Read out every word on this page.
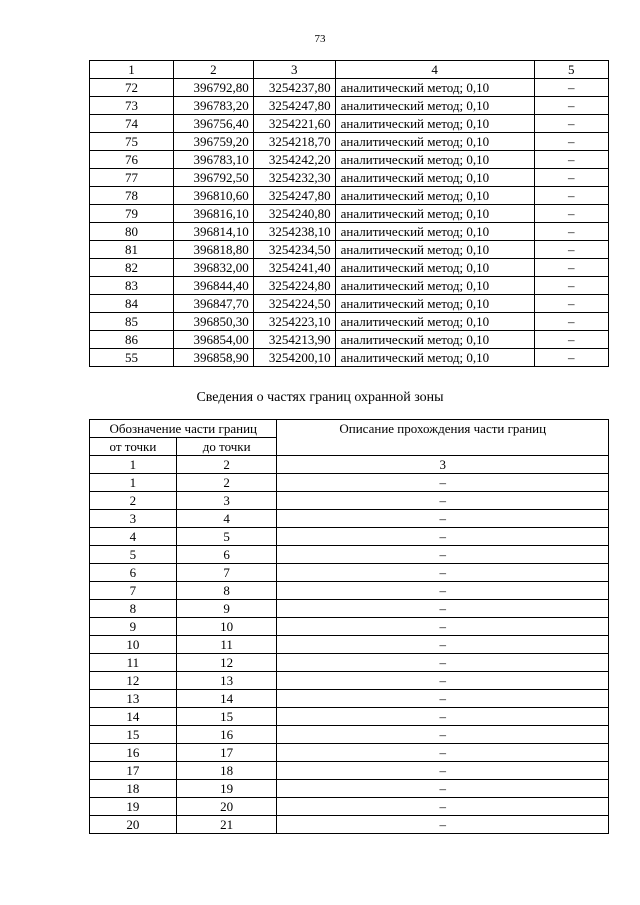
73
1	2	3	4	5
72	396792,80	3254237,80	аналитический метод; 0,10	–
73	396783,20	3254247,80	аналитический метод; 0,10	–
74	396756,40	3254221,60	аналитический метод; 0,10	–
75	396759,20	3254218,70	аналитический метод; 0,10	–
76	396783,10	3254242,20	аналитический метод; 0,10	–
77	396792,50	3254232,30	аналитический метод; 0,10	–
78	396810,60	3254247,80	аналитический метод; 0,10	–
79	396816,10	3254240,80	аналитический метод; 0,10	–
80	396814,10	3254238,10	аналитический метод; 0,10	–
81	396818,80	3254234,50	аналитический метод; 0,10	–
82	396832,00	3254241,40	аналитический метод; 0,10	–
83	396844,40	3254224,80	аналитический метод; 0,10	–
84	396847,70	3254224,50	аналитический метод; 0,10	–
85	396850,30	3254223,10	аналитический метод; 0,10	–
86	396854,00	3254213,90	аналитический метод; 0,10	–
55	396858,90	3254200,10	аналитический метод; 0,10	–
Сведения о частях границ охранной зоны
Обозначение части границ		Описание прохождения части границ
от точки	до точки	
1	2	3
1	2	–
2	3	–
3	4	–
4	5	–
5	6	–
6	7	–
7	8	–
8	9	–
9	10	–
10	11	–
11	12	–
12	13	–
13	14	–
14	15	–
15	16	–
16	17	–
17	18	–
18	19	–
19	20	–
20	21	–
